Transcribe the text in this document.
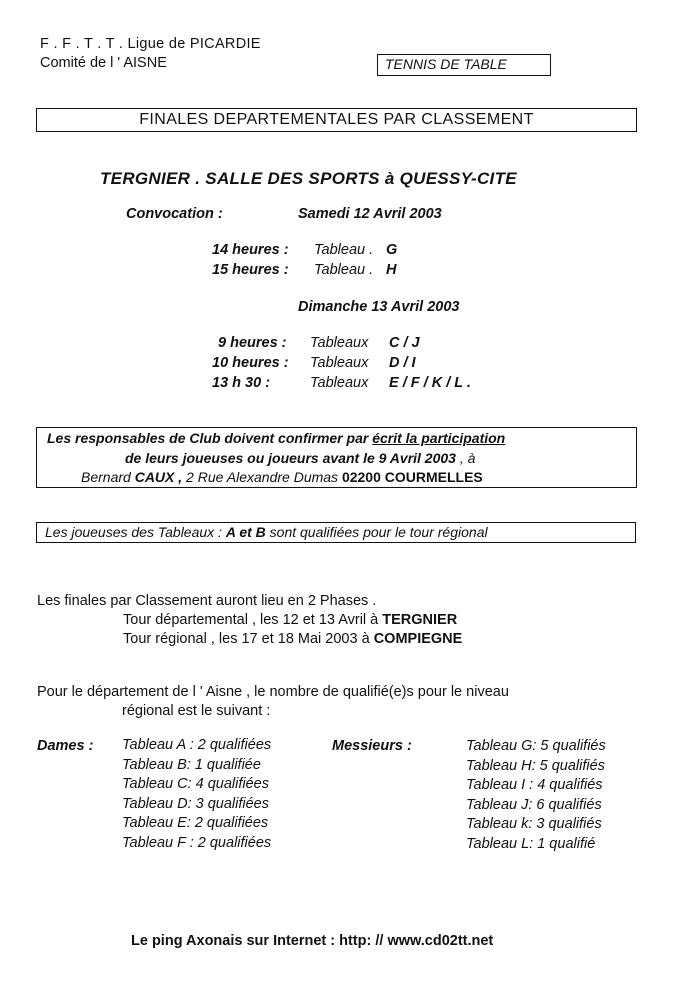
F . F . T . T . Ligue de PICARDIE
Comité de l ' AISNE	TENNIS DE TABLE
FINALES DEPARTEMENTALES PAR CLASSEMENT
TERGNIER . SALLE DES SPORTS à QUESSY-CITE
Convocation :	Samedi 12 Avril 2003
14 heures : Tableau . G
15 heures : Tableau . H
Dimanche 13 Avril 2003
9 heures : Tableaux C / J
10 heures : Tableaux D / I
13 h 30 :	Tableaux E / F / K / L .
Les responsables de Club doivent confirmer par écrit la participation
de leurs joueuses ou joueurs avant le 9 Avril 2003 , à
Bernard CAUX , 2 Rue Alexandre Dumas 02200 COURMELLES
Les joueuses des Tableaux : A et B sont qualifiées pour le tour régional
Les finales par Classement auront lieu en 2 Phases .
Tour départemental , les 12 et 13 Avril à TERGNIER
Tour régional , les 17 et 18 Mai 2003 à COMPIEGNE
Pour le département de l ' Aisne , le nombre de qualifié(e)s pour le niveau
régional est le suivant :
Dames : Tableau A : 2 qualifiées
Tableau B: 1 qualifiée
Tableau C: 4 qualifiées
Tableau D: 3 qualifiées
Tableau E: 2 qualifiées
Tableau F : 2 qualifiées
Messieurs :	Tableau G: 5 qualifiés
Tableau H: 5 qualifiés
Tableau I : 4 qualifiés
Tableau J: 6 qualifiés
Tableau k: 3 qualifiés
Tableau L: 1 qualifié
Le ping Axonais sur Internet : http: // www.cd02tt.net
